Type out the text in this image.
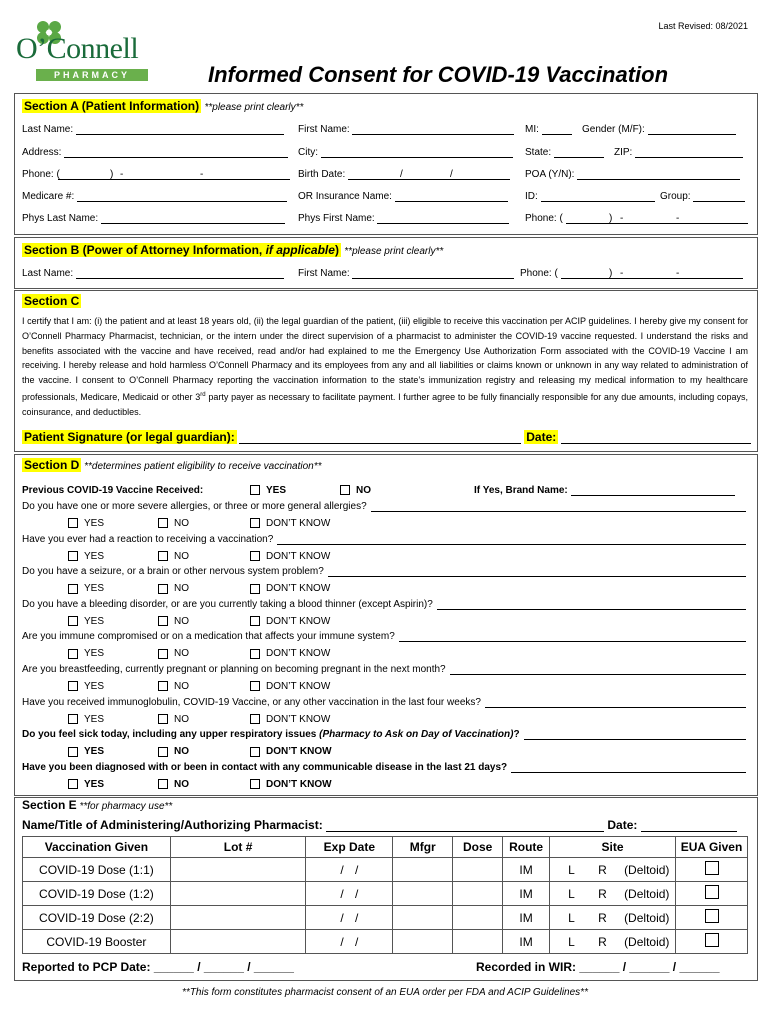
Last Revised: 08/2021
O’Connell
PHARMACY	Informed Consent for COVID-19 Vaccination
Section A (Patient Information) **please print clearly**
Last Name:	First Name:	MI:	Gender (M/F):
Address:	City:	State:	ZIP:
Phone: (	) -	-	Birth Date:	/	/	POA (Y/N):
Medicare #:	OR Insurance Name:	ID:	Group:
Phys Last Name:	Phys First Name:	Phone: (	) -	-
Section B (Power of Attorney Information, if applicable) **please print clearly**
Last Name:	First Name:	Phone: (	) -	-
Section C
I certify that I am: (i) the patient and at least 18 years old, (ii) the legal guardian of the patient, (iii) eligible to receive this vaccination per ACIP guidelines. I hereby give my consent for O’Connell Pharmacy Pharmacist, technician, or the intern under the direct supervision of a pharmacist to administer the COVID-19 vaccine requested. I understand the risks and benefits associated with the vaccine and have received, read and/or had explained to me the Emergency Use Authorization Form associated with the COVID-19 Vaccine I am receiving. I hereby release and hold harmless O’Connell Pharmacy and its employees from any and all liabilities or claims known or unknown in any way related to administration of the vaccine. I consent to O’Connell Pharmacy reporting the vaccination information to the state’s immunization registry and releasing my medical information to my healthcare professionals, Medicare, Medicaid or other 3rd party payer as necessary to facilitate payment. I further agree to be fully financially responsible for any due amounts, including copays, coinsurance, and deductibles.
Patient Signature (or legal guardian):	Date:
Section D **determines patient eligibility to receive vaccination**
Previous COVID-19 Vaccine Received:	YES	NO	If Yes, Brand Name:
Do you have one or more severe allergies, or three or more general allergies?
YES	NO	DON’T KNOW
Have you ever had a reaction to receiving a vaccination?
YES	NO	DON’T KNOW
Do you have a seizure, or a brain or other nervous system problem?
YES	NO	DON’T KNOW
Do you have a bleeding disorder, or are you currently taking a blood thinner (except Aspirin)?
YES	NO	DON’T KNOW
Are you immune compromised or on a medication that affects your immune system?
YES	NO	DON’T KNOW
Are you breastfeeding, currently pregnant or planning on becoming pregnant in the next month?
YES	NO	DON’T KNOW
Have you received immunoglobulin, COVID-19 Vaccine, or any other vaccination in the last four weeks?
YES	NO	DON’T KNOW
Do you feel sick today, including any upper respiratory issues (Pharmacy to Ask on Day of Vaccination)?
YES	NO	DON’T KNOW
Have you been diagnosed with or been in contact with any communicable disease in the last 21 days?
YES	NO	DON’T KNOW
Section E **for pharmacy use**
Name/Title of Administering/Authorizing Pharmacist:	Date:
Vaccination Given	Lot #	Exp Date	Mfgr	Dose	Route	Site	EUA Given
COVID-19 Dose (1:1)		/ /			IM	L R (Deltoid)	
COVID-19 Dose (1:2)		/ /			IM	L R (Deltoid)	
COVID-19 Dose (2:2)		/ /			IM	L R (Deltoid)	
COVID-19 Booster		/ /			IM	L R (Deltoid)	
Reported to PCP Date: ______ / ______ / ______	Recorded in WIR: ______ / ______ / ______
**This form constitutes pharmacist consent of an EUA order per FDA and ACIP Guidelines**
